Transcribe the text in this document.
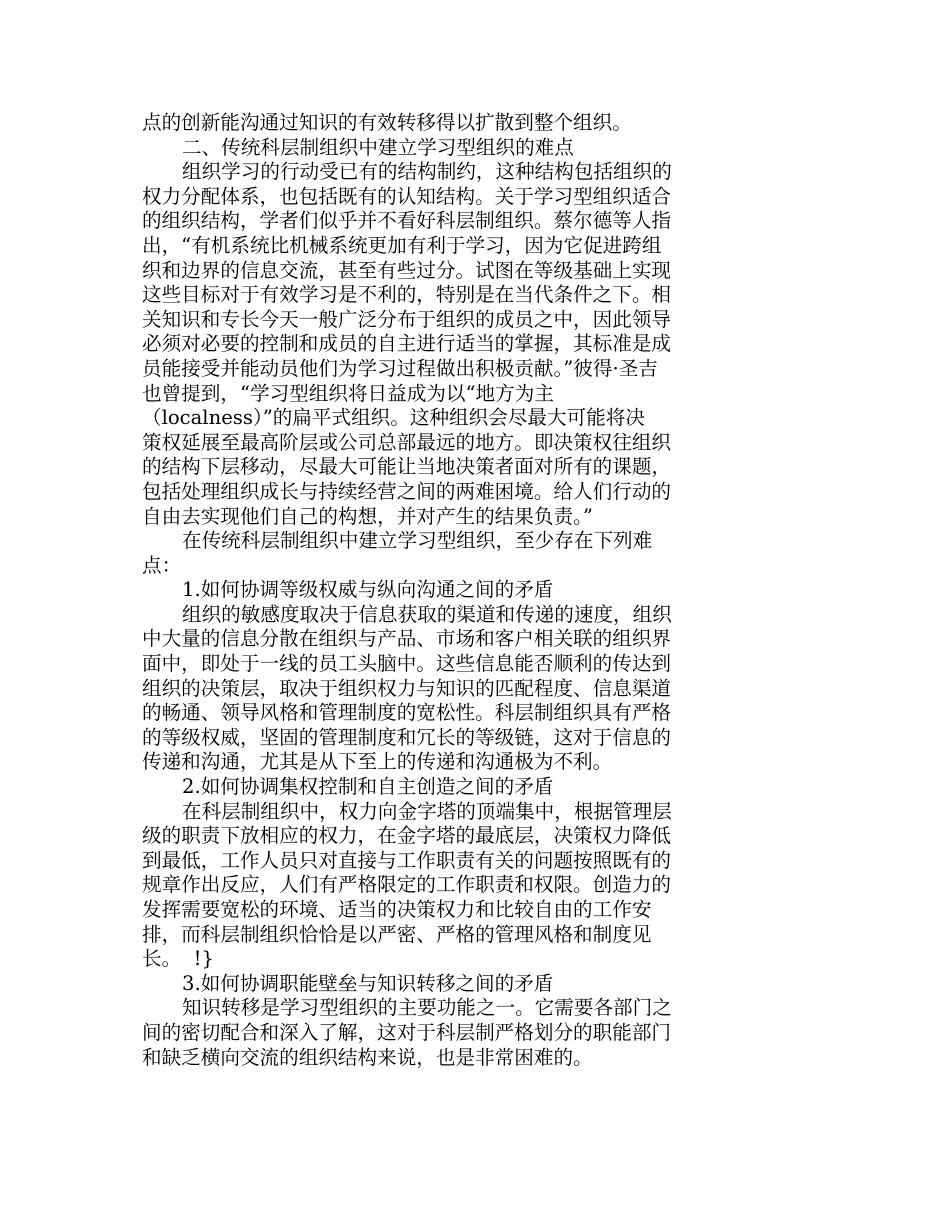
点的创新能沟通过知识的有效转移得以扩散到整个组织。
二、传统科层制组织中建立学习型组织的难点
组织学习的行动受已有的结构制约，这种结构包括组织的
权力分配体系，也包括既有的认知结构。关于学习型组织适合
的组织结构，学者们似乎并不看好科层制组织。蔡尔德等人指
出，“有机系统比机械系统更加有利于学习，因为它促进跨组
织和边界的信息交流，甚至有些过分。试图在等级基础上实现
这些目标对于有效学习是不利的，特别是在当代条件之下。相
关知识和专长今天一般广泛分布于组织的成员之中，因此领导
必须对必要的控制和成员的自主进行适当的掌握，其标准是成
员能接受并能动员他们为学习过程做出积极贡献。”彼得·圣吉
也曾提到，“学习型组织将日益成为以“地方为主
（localness）”的扁平式组织。这种组织会尽最大可能将决
策权延展至最高阶层或公司总部最远的地方。即决策权往组织
的结构下层移动，尽最大可能让当地决策者面对所有的课题，
包括处理组织成长与持续经营之间的两难困境。给人们行动的
自由去实现他们自己的构想，并对产生的结果负责。”
在传统科层制组织中建立学习型组织，至少存在下列难
点：
1.如何协调等级权威与纵向沟通之间的矛盾
组织的敏感度取决于信息获取的渠道和传递的速度，组织
中大量的信息分散在组织与产品、市场和客户相关联的组织界
面中，即处于一线的员工头脑中。这些信息能否顺利的传达到
组织的决策层，取决于组织权力与知识的匹配程度、信息渠道
的畅通、领导风格和管理制度的宽松性。科层制组织具有严格
的等级权威，坚固的管理制度和冗长的等级链，这对于信息的
传递和沟通，尤其是从下至上的传递和沟通极为不利。
2.如何协调集权控制和自主创造之间的矛盾
在科层制组织中，权力向金字塔的顶端集中，根据管理层
级的职责下放相应的权力，在金字塔的最底层，决策权力降低
到最低，工作人员只对直接与工作职责有关的问题按照既有的
规章作出反应，人们有严格限定的工作职责和权限。创造力的
发挥需要宽松的环境、适当的决策权力和比较自由的工作安
排，而科层制组织恰恰是以严密、严格的管理风格和制度见
长。  !}
3.如何协调职能壁垒与知识转移之间的矛盾
知识转移是学习型组织的主要功能之一。它需要各部门之
间的密切配合和深入了解，这对于科层制严格划分的职能部门
和缺乏横向交流的组织结构来说，也是非常困难的。
